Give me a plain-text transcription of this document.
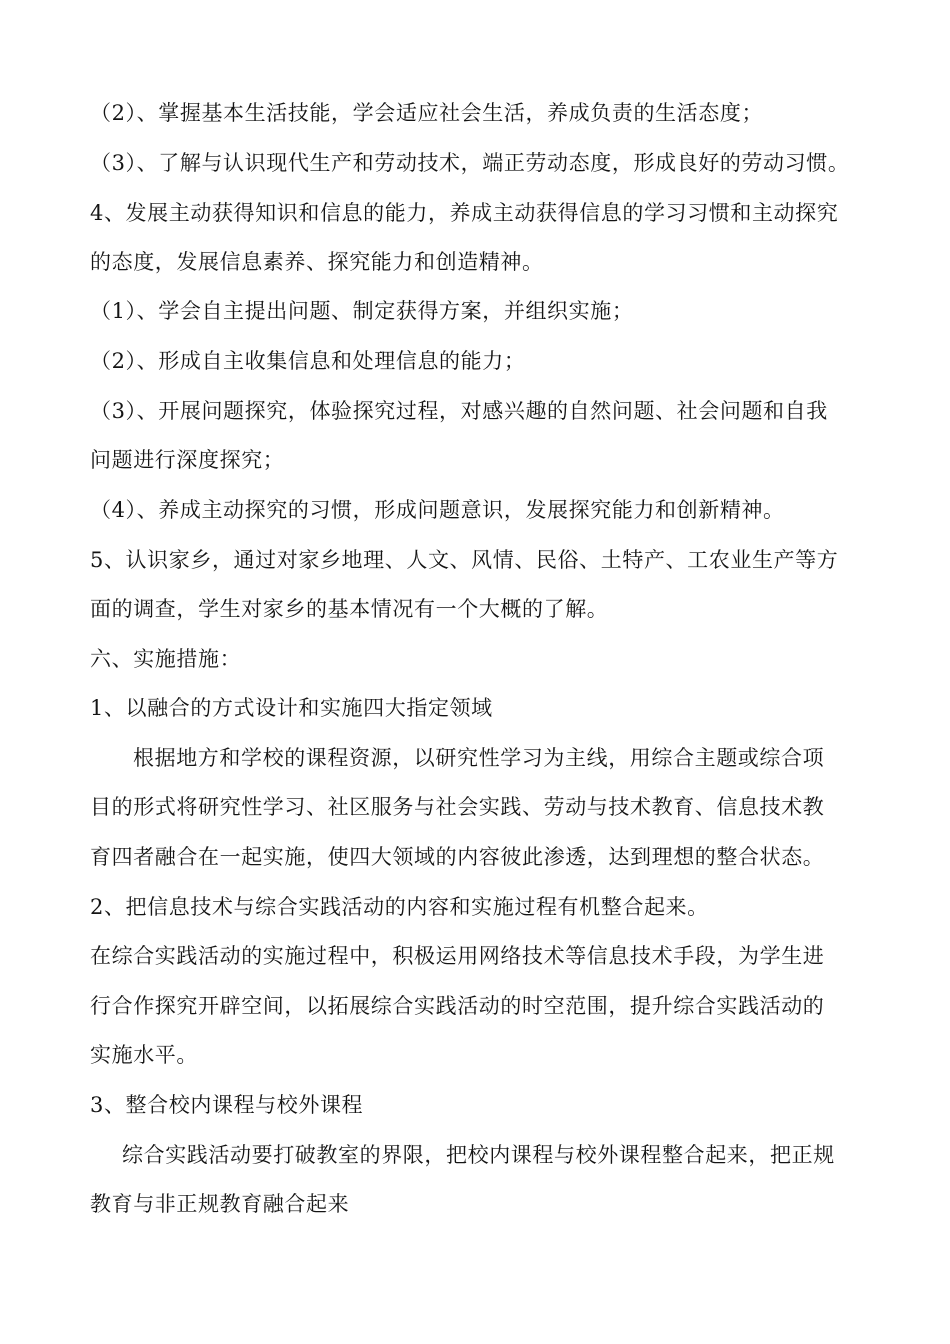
（2）、掌握基本生活技能，学会适应社会生活，养成负责的生活态度；
（3）、了解与认识现代生产和劳动技术，端正劳动态度，形成良好的劳动习惯。
4、发展主动获得知识和信息的能力，养成主动获得信息的学习习惯和主动探究
的态度，发展信息素养、探究能力和创造精神。
（1）、学会自主提出问题、制定获得方案，并组织实施；
（2）、形成自主收集信息和处理信息的能力；
（3）、开展问题探究，体验探究过程，对感兴趣的自然问题、社会问题和自我
问题进行深度探究；
（4）、养成主动探究的习惯，形成问题意识，发展探究能力和创新精神。
5、认识家乡，通过对家乡地理、人文、风情、民俗、土特产、工农业生产等方
面的调查，学生对家乡的基本情况有一个大概的了解。
六、实施措施：
1、以融合的方式设计和实施四大指定领域
根据地方和学校的课程资源，以研究性学习为主线，用综合主题或综合项
目的形式将研究性学习、社区服务与社会实践、劳动与技术教育、信息技术教
育四者融合在一起实施，使四大领域的内容彼此渗透，达到理想的整合状态。
2、把信息技术与综合实践活动的内容和实施过程有机整合起来。
在综合实践活动的实施过程中，积极运用网络技术等信息技术手段，为学生进
行合作探究开辟空间，以拓展综合实践活动的时空范围，提升综合实践活动的
实施水平。
3、整合校内课程与校外课程
综合实践活动要打破教室的界限，把校内课程与校外课程整合起来，把正规
教育与非正规教育融合起来
